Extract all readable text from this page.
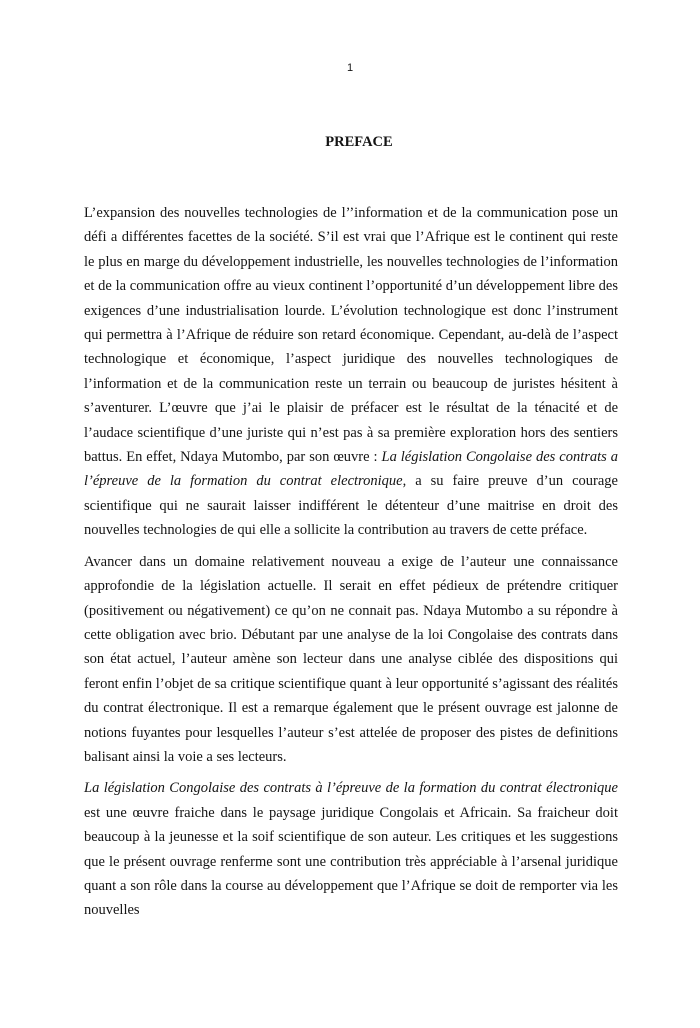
1
PREFACE

L’expansion des nouvelles technologies de l’’information et de la communication pose un défi a différentes facettes de la société. S’il est vrai que l’Afrique est le continent qui reste le plus en marge du développement industrielle, les nouvelles technologies de l’information et de la communication offre au vieux continent l’opportunité d’un développement libre des exigences d’une industrialisation lourde. L’évolution technologique est donc l’instrument qui permettra à l’Afrique de réduire son retard économique. Cependant, au-delà de l’aspect technologique et économique, l’aspect juridique des nouvelles technologiques de l’information et de la communication reste un terrain ou beaucoup de juristes hésitent à s’aventurer. L’œuvre que j’ai le plaisir de préfacer est le résultat de la ténacité et de l’audace scientifique d’une juriste qui n’est pas à sa première exploration hors des sentiers battus. En effet, Ndaya Mutombo, par son œuvre : La législation Congolaise des contrats a l’épreuve de la formation du contrat electronique, a su faire preuve d’un courage scientifique qui ne saurait laisser indifférent le détenteur d’une maitrise en droit des nouvelles technologies de qui elle a sollicite la contribution au travers de cette préface.

Avancer dans un domaine relativement nouveau a exige de l’auteur une connaissance approfondie de la législation actuelle. Il serait en effet pédieux de prétendre critiquer (positivement ou négativement) ce qu’on ne connait pas. Ndaya Mutombo a su répondre à cette obligation avec brio. Débutant par une analyse de la loi Congolaise des contrats dans son état actuel, l’auteur amène son lecteur dans une analyse ciblée des dispositions qui feront enfin l’objet de sa critique scientifique quant à leur opportunité s’agissant des réalités du contrat électronique. Il est a remarque également que le présent ouvrage est jalonne de notions fuyantes pour lesquelles l’auteur s’est attelée de proposer des pistes de definitions balisant ainsi la voie a ses lecteurs.

La législation Congolaise des contrats à l’épreuve de la formation du contrat électronique est une œuvre fraiche dans le paysage juridique Congolais et Africain. Sa fraicheur doit beaucoup à la jeunesse et la soif scientifique de son auteur. Les critiques et les suggestions que le présent ouvrage renferme sont une contribution très appréciable à l’arsenal juridique quant a son rôle dans la course au développement que l’Afrique se doit de remporter via les nouvelles
